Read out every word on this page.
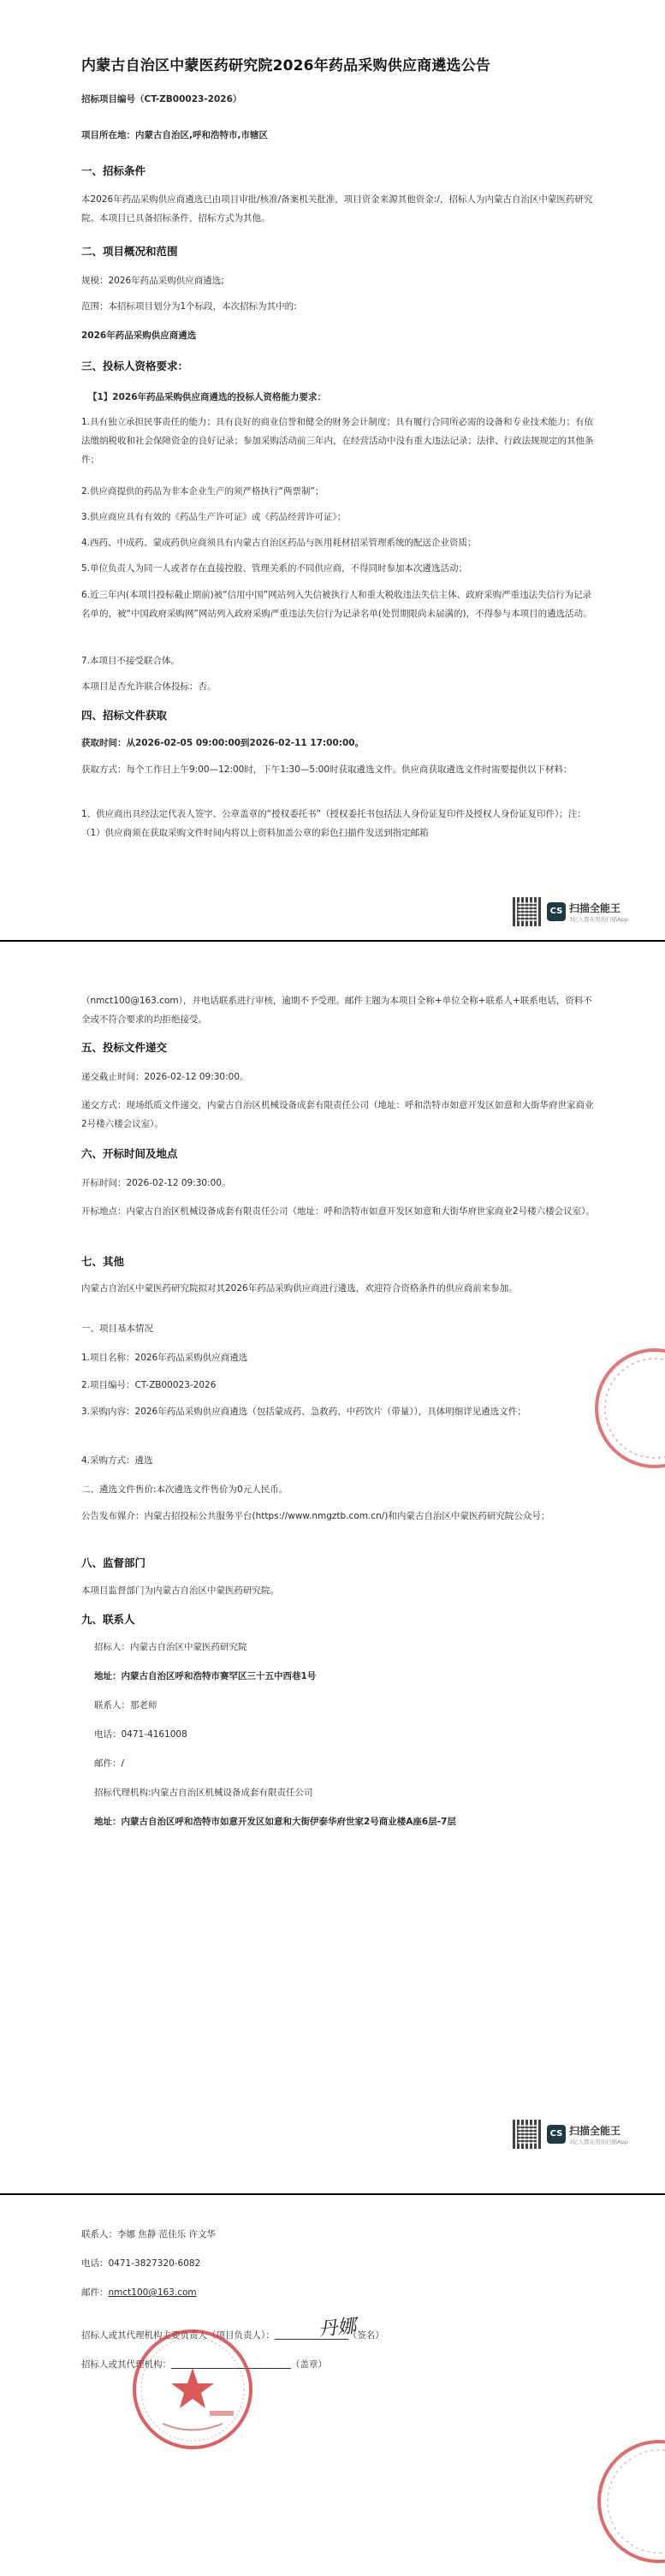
内蒙古自治区中蒙医药研究院2026年药品采购供应商遴选公告
招标项目编号（CT-ZB00023-2026）
项目所在地：内蒙古自治区,呼和浩特市,市辖区
一、招标条件
本2026年药品采购供应商遴选已由项目审批/核准/备案机关批准，项目资金来源其他资金:/，招标人为内蒙古自治区中蒙医药研究院。本项目已具备招标条件，招标方式为其他。
二、项目概况和范围
规模：2026年药品采购供应商遴选;
范围：本招标项目划分为1个标段，本次招标为其中的:
2026年药品采购供应商遴选
三、投标人资格要求：
【1】2026年药品采购供应商遴选的投标人资格能力要求：
1.具有独立承担民事责任的能力；具有良好的商业信誉和健全的财务会计制度；具有履行合同所必需的设备和专业技术能力；有依法缴纳税收和社会保障资金的良好记录；参加采购活动前三年内，在经营活动中没有重大违法记录；法律、行政法规规定的其他条件；
2.供应商提供的药品为非本企业生产的须严格执行“两票制”；
3.供应商应具有有效的《药品生产许可证》或《药品经营许可证》；
4.西药、中成药、蒙成药供应商须具有内蒙古自治区药品与医用耗材招采管理系统的配送企业资质；
5.单位负责人为同一人或者存在直接控股、管理关系的不同供应商，不得同时参加本次遴选活动；
6.近三年内(本项目投标截止期前)被“信用中国”网站列入失信被执行人和重大税收违法失信主体、政府采购严重违法失信行为记录名单的，被“中国政府采购网”网站列入政府采购严重违法失信行为记录名单(处罚期限尚未届满的)，不得参与本项目的遴选活动。
7.本项目不接受联合体。
本项目是否允许联合体投标：否。
四、招标文件获取
获取时间：从2026-02-05 09:00:00到2026-02-11 17:00:00。
获取方式：每个工作日上午9:00—12:00时，下午1:30—5:00时获取遴选文件。供应商获取遴选文件时需要提供以下材料：
1、供应商出具经法定代表人签字、公章盖章的“授权委托书”（授权委托书包括法人身份证复印件及授权人身份证复印件）；注：（1）供应商须在获取采购文件时间内将以上资料加盖公章的彩色扫描件发送到指定邮箱
CS 扫描全能王
3亿人都在用的扫描App
（nmct100@163.com），并电话联系进行审核，逾期不予受理。邮件主题为本项目全称+单位全称+联系人+联系电话，资料不全或不符合要求的均拒绝接受。
五、投标文件递交
递交截止时间：2026-02-12 09:30:00。
递交方式：现场纸质文件递交，内蒙古自治区机械设备成套有限责任公司（地址：呼和浩特市如意开发区如意和大街华府世家商业2号楼六楼会议室）。
六、开标时间及地点
开标时间：2026-02-12 09:30:00。
开标地点：内蒙古自治区机械设备成套有限责任公司（地址：呼和浩特市如意开发区如意和大街华府世家商业2号楼六楼会议室）。
七、其他
内蒙古自治区中蒙医药研究院拟对其2026年药品采购供应商进行遴选，欢迎符合资格条件的供应商前来参加。
一、项目基本情况
1.项目名称：2026年药品采购供应商遴选
2.项目编号：CT-ZB00023-2026
3.采购内容：2026年药品采购供应商遴选（包括蒙成药、急救药、中药饮片（带量）），具体明细详见遴选文件；
4.采购方式：遴选
二、遴选文件售价:本次遴选文件售价为0元人民币。
公告发布媒介：内蒙古招投标公共服务平台(https://www.nmgztb.com.cn/)和内蒙古自治区中蒙医药研究院公众号；
八、监督部门
本项目监督部门为内蒙古自治区中蒙医药研究院。
九、联系人
招标人：内蒙古自治区中蒙医药研究院
地址：内蒙古自治区呼和浩特市赛罕区三十五中西巷1号
联系人：那老师
电话：0471-4161008
邮件：/
招标代理机构:内蒙古自治区机械设备成套有限责任公司
地址：内蒙古自治区呼和浩特市如意开发区如意和大街伊泰华府世家2号商业楼A座6层-7层
CS 扫描全能王
3亿人都在用的扫描App
联系人：李娜 焦静 范佳乐 许文华
电话：0471-3827320-6082
邮件：nmct100@163.com
招标人或其代理机构主要负责人（项目负责人）：	（签名）
招标人或其代理机构：	（盖章）
丹娜
